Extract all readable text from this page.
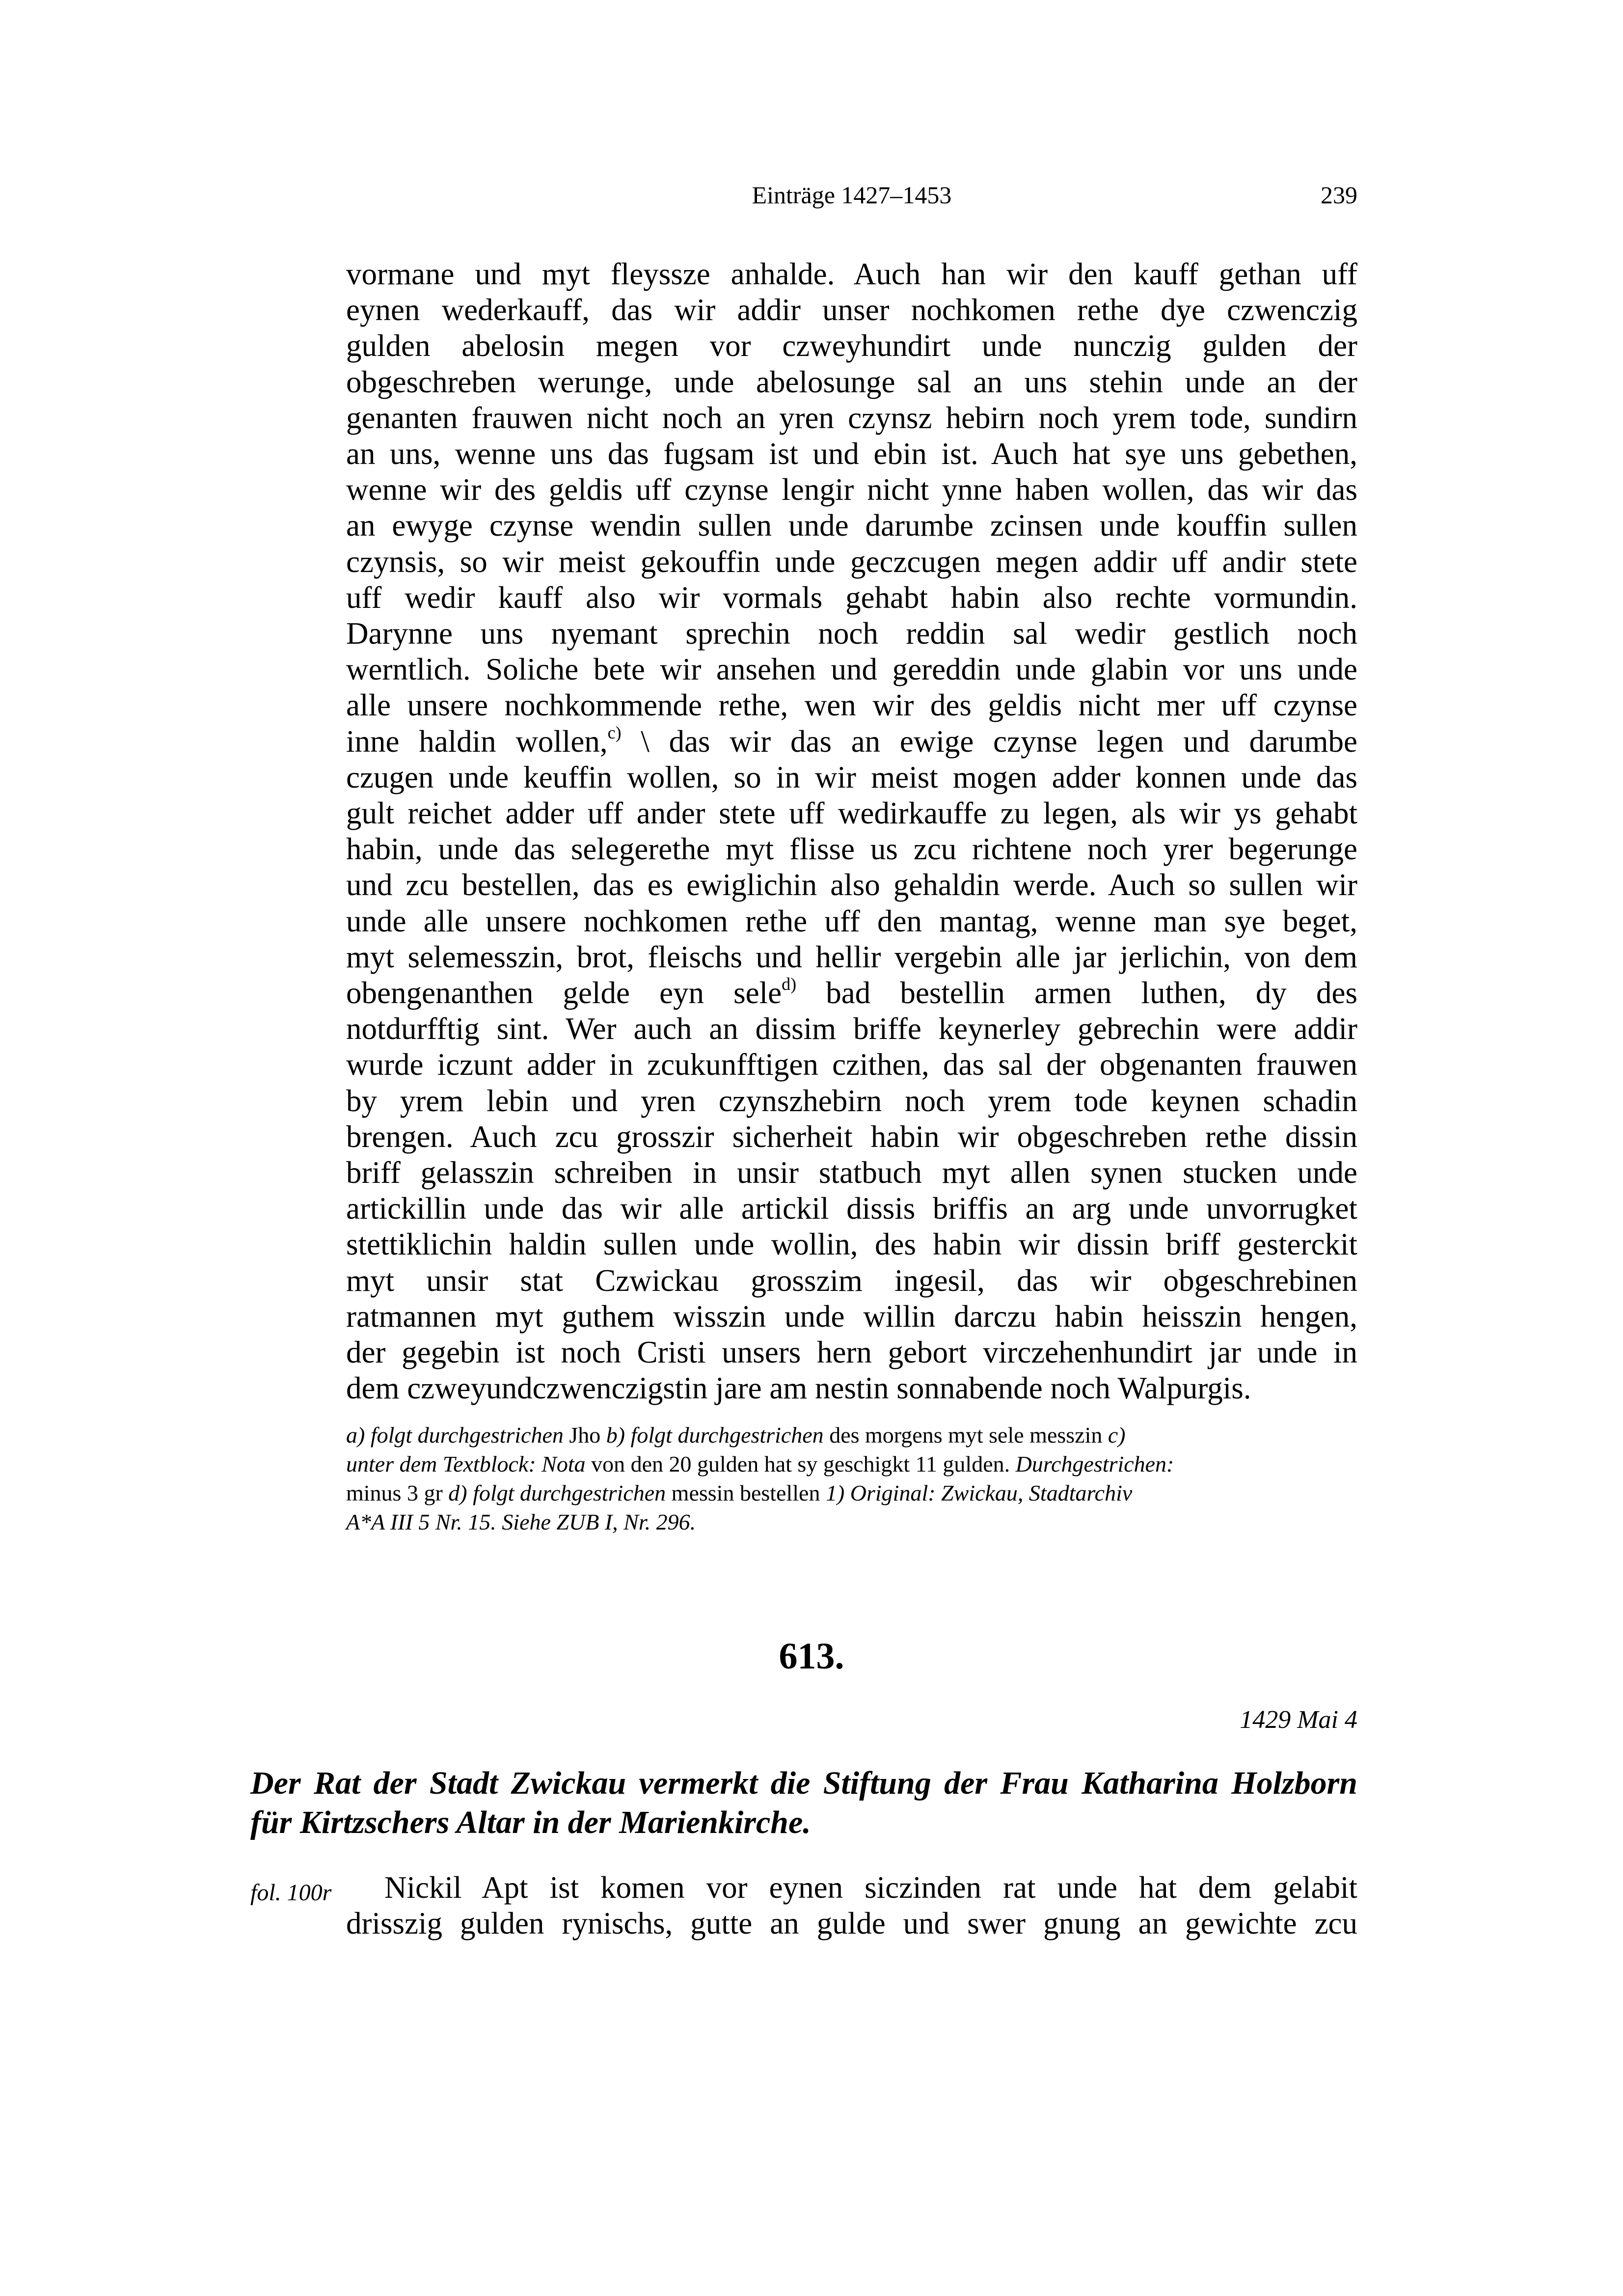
Einträge 1427–1453	239
vormane und myt fleyssze anhalde. Auch han wir den kauff gethan uff
eynen wederkauff, das wir addir unser nochkomen rethe dye czwenczig
gulden abelosin megen vor czweyhundirt unde nunczig gulden der
obgeschreben werunge, unde abelosunge sal an uns stehin unde an der
genanten frauwen nicht noch an yren czynsz hebirn noch yrem tode, sundirn
an uns, wenne uns das fugsam ist und ebin ist. Auch hat sye uns gebethen,
wenne wir des geldis uff czynse lengir nicht ynne haben wollen, das wir das
an ewyge czynse wendin sullen unde darumbe zcinsen unde kouffin sullen
czynsis, so wir meist gekouffin unde geczcugen megen addir uff andir stete
uff wedir kauff also wir vormals gehabt habin also rechte vormundin.
Darynne uns nyemant sprechin noch reddin sal wedir gestlich noch
werntlich. Soliche bete wir ansehen und gereddin unde glabin vor uns unde
alle unsere nochkommende rethe, wen wir des geldis nicht mer uff czynse
inne haldin wollen,$^{c)}$ \ das wir das an ewige czynse legen und darumbe
czugen unde keuffin wollen, so in wir meist mogen adder konnen unde das
gult reichet adder uff ander stete uff wedirkauffe zu legen, als wir ys gehabt
habin, unde das selegerethe myt flisse us zcu richtene noch yrer begerunge
und zcu bestellen, das es ewiglichin also gehaldin werde. Auch so sullen wir
unde alle unsere nochkomen rethe uff den mantag, wenne man sye beget,
myt selemesszin, brot, fleischs und hellir vergebin alle jar jerlichin, von dem
obengenanthen gelde eyn sele$^{d)}$ bad bestellin armen luthen, dy des
notdurfftig sint. Wer auch an dissim briffe keynerley gebrechin were addir
wurde iczunt adder in zcukunfftigen czithen, das sal der obgenanten frauwen
by yrem lebin und yren czynszhebirn noch yrem tode keynen schadin
brengen. Auch zcu grosszir sicherheit habin wir obgeschreben rethe dissin
briff gelasszin schreiben in unsir statbuch myt allen synen stucken unde
artickillin unde das wir alle artickil dissis briffis an arg unde unvorrugket
stettiklichin haldin sullen unde wollin, des habin wir dissin briff gesterckit
myt unsir stat Czwickau grosszim ingesil, das wir obgeschrebinen
ratmannen myt guthem wisszin unde willin darczu habin heisszin hengen,
der gegebin ist noch Cristi unsers hern gebort virczehenhundirt jar unde in
dem czweyundczwenczigstin jare am nestin sonnabende noch Walpurgis.
a) folgt durchgestrichen Jho b) folgt durchgestrichen des morgens myt sele messzin c)
unter dem Textblock: Nota von den 20 gulden hat sy geschigkt 11 gulden. Durchgestrichen:
minus 3 gr d) folgt durchgestrichen messin bestellen 1) Original: Zwickau, Stadtarchiv
A*A III 5 Nr. 15. Siehe ZUB I, Nr. 296.
613.
1429 Mai 4
Der Rat der Stadt Zwickau vermerkt die Stiftung der Frau Katharina Holzborn
für Kirtzschers Altar in der Marienkirche.
fol. 100r	Nickil Apt ist komen vor eynen siczinden rat unde hat dem gelabit
drisszig gulden rynischs, gutte an gulde und swer gnung an gewichte zcu
